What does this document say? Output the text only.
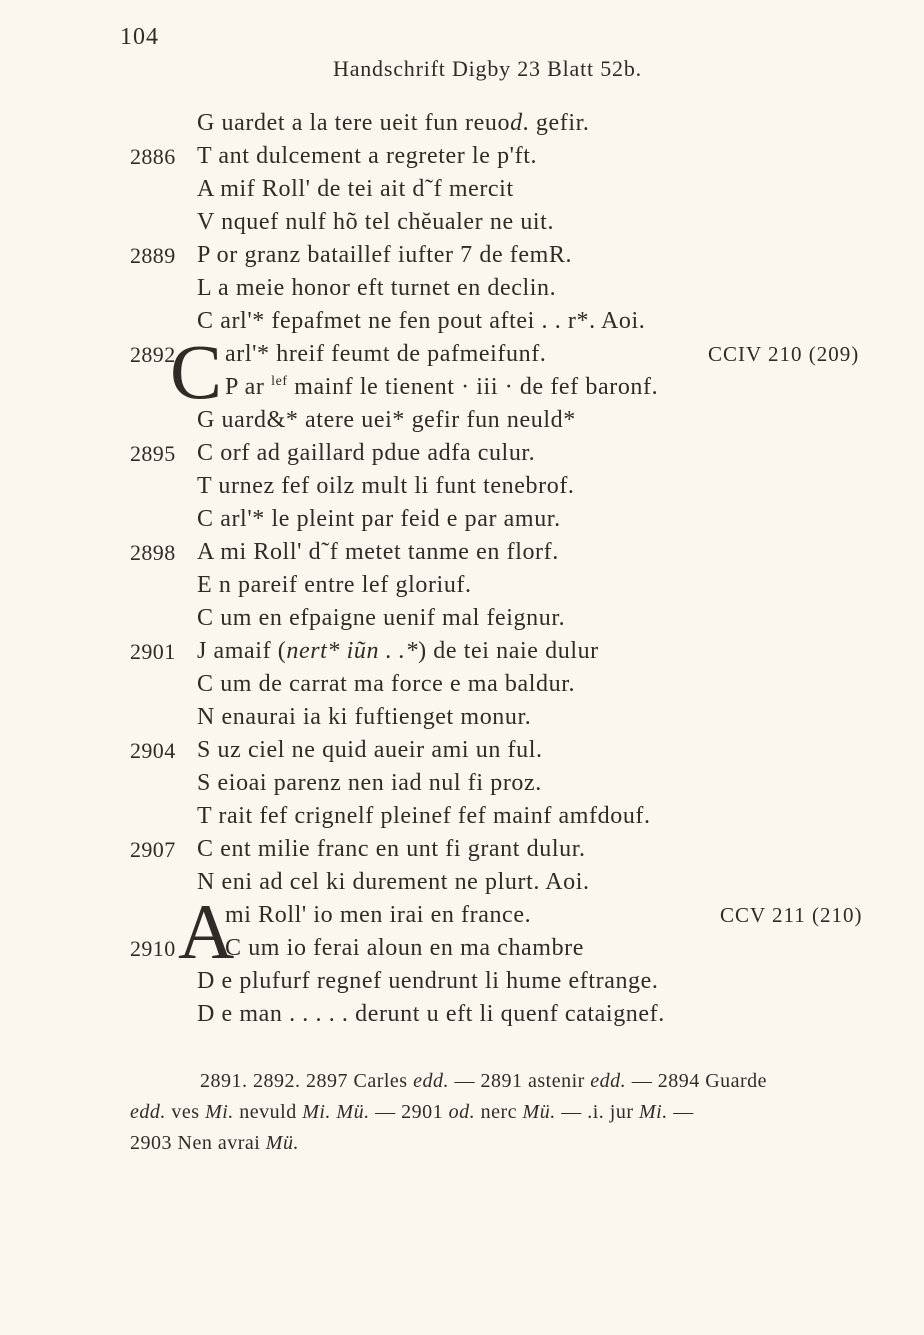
104
Handschrift Digby 23 Blatt 52b.
2886
2889
2892
2895
2898
2901
2904
2907
2910
G uardet a la tere ueit fun reuod. gefir.
T ant dulcement a regreter le p'ft.
A mif Roll' de tei ait d˜f mercit
V nquef nulf hõ tel chĕualer ne uit.
P or granz bataillef iufter 7 de femR.
L a meie honor eft turnet en declin.
C arl'* fepafmet ne fen pout aftei . . r*. Aoi.
C arl'* hreif feumt de pafmeifunf.	CCIV 210 (209)
P ar $^{lef}$ mainf le tienent · iii · de fef baronf.
G uard&* atere uei* gefir fun neuld*
C orf ad gaillard pdue adfa culur.
T urnez fef oilz mult li funt tenebrof.
C arl'* le pleint par feid e par amur.
A mi Roll' d˜f metet tanme en florf.
E n pareif entre lef gloriuf.
C um en efpaigne uenif mal feignur.
J amaif (nert* iũn . .*) de tei naie dulur
C um de carrat ma force e ma baldur.
N enaurai ia ki fuftienget monur.
S uz ciel ne quid aueir ami un ful.
S eioai parenz nen iad nul fi proz.
T rait fef crignelf pleinef fef mainf amfdouf.
C ent milie franc en unt fi grant dulur.
N eni ad cel ki durement ne plurt. Aoi.
A
mi Roll' io men irai en france.	CCV 211 (210)
C um io ferai aloun en ma chambre
D e plufurf regnef uendrunt li hume eftrange.
D e man . . . . . derunt u eft li quenf cataignef.
2891. 2892. 2897 Carles edd. — 2891 astenir edd. — 2894 Guarde
edd. ves Mi. nevuld Mi. Mü. — 2901 od. nerc Mü. — .i. jur Mi. —
2903 Nen avrai Mü.
